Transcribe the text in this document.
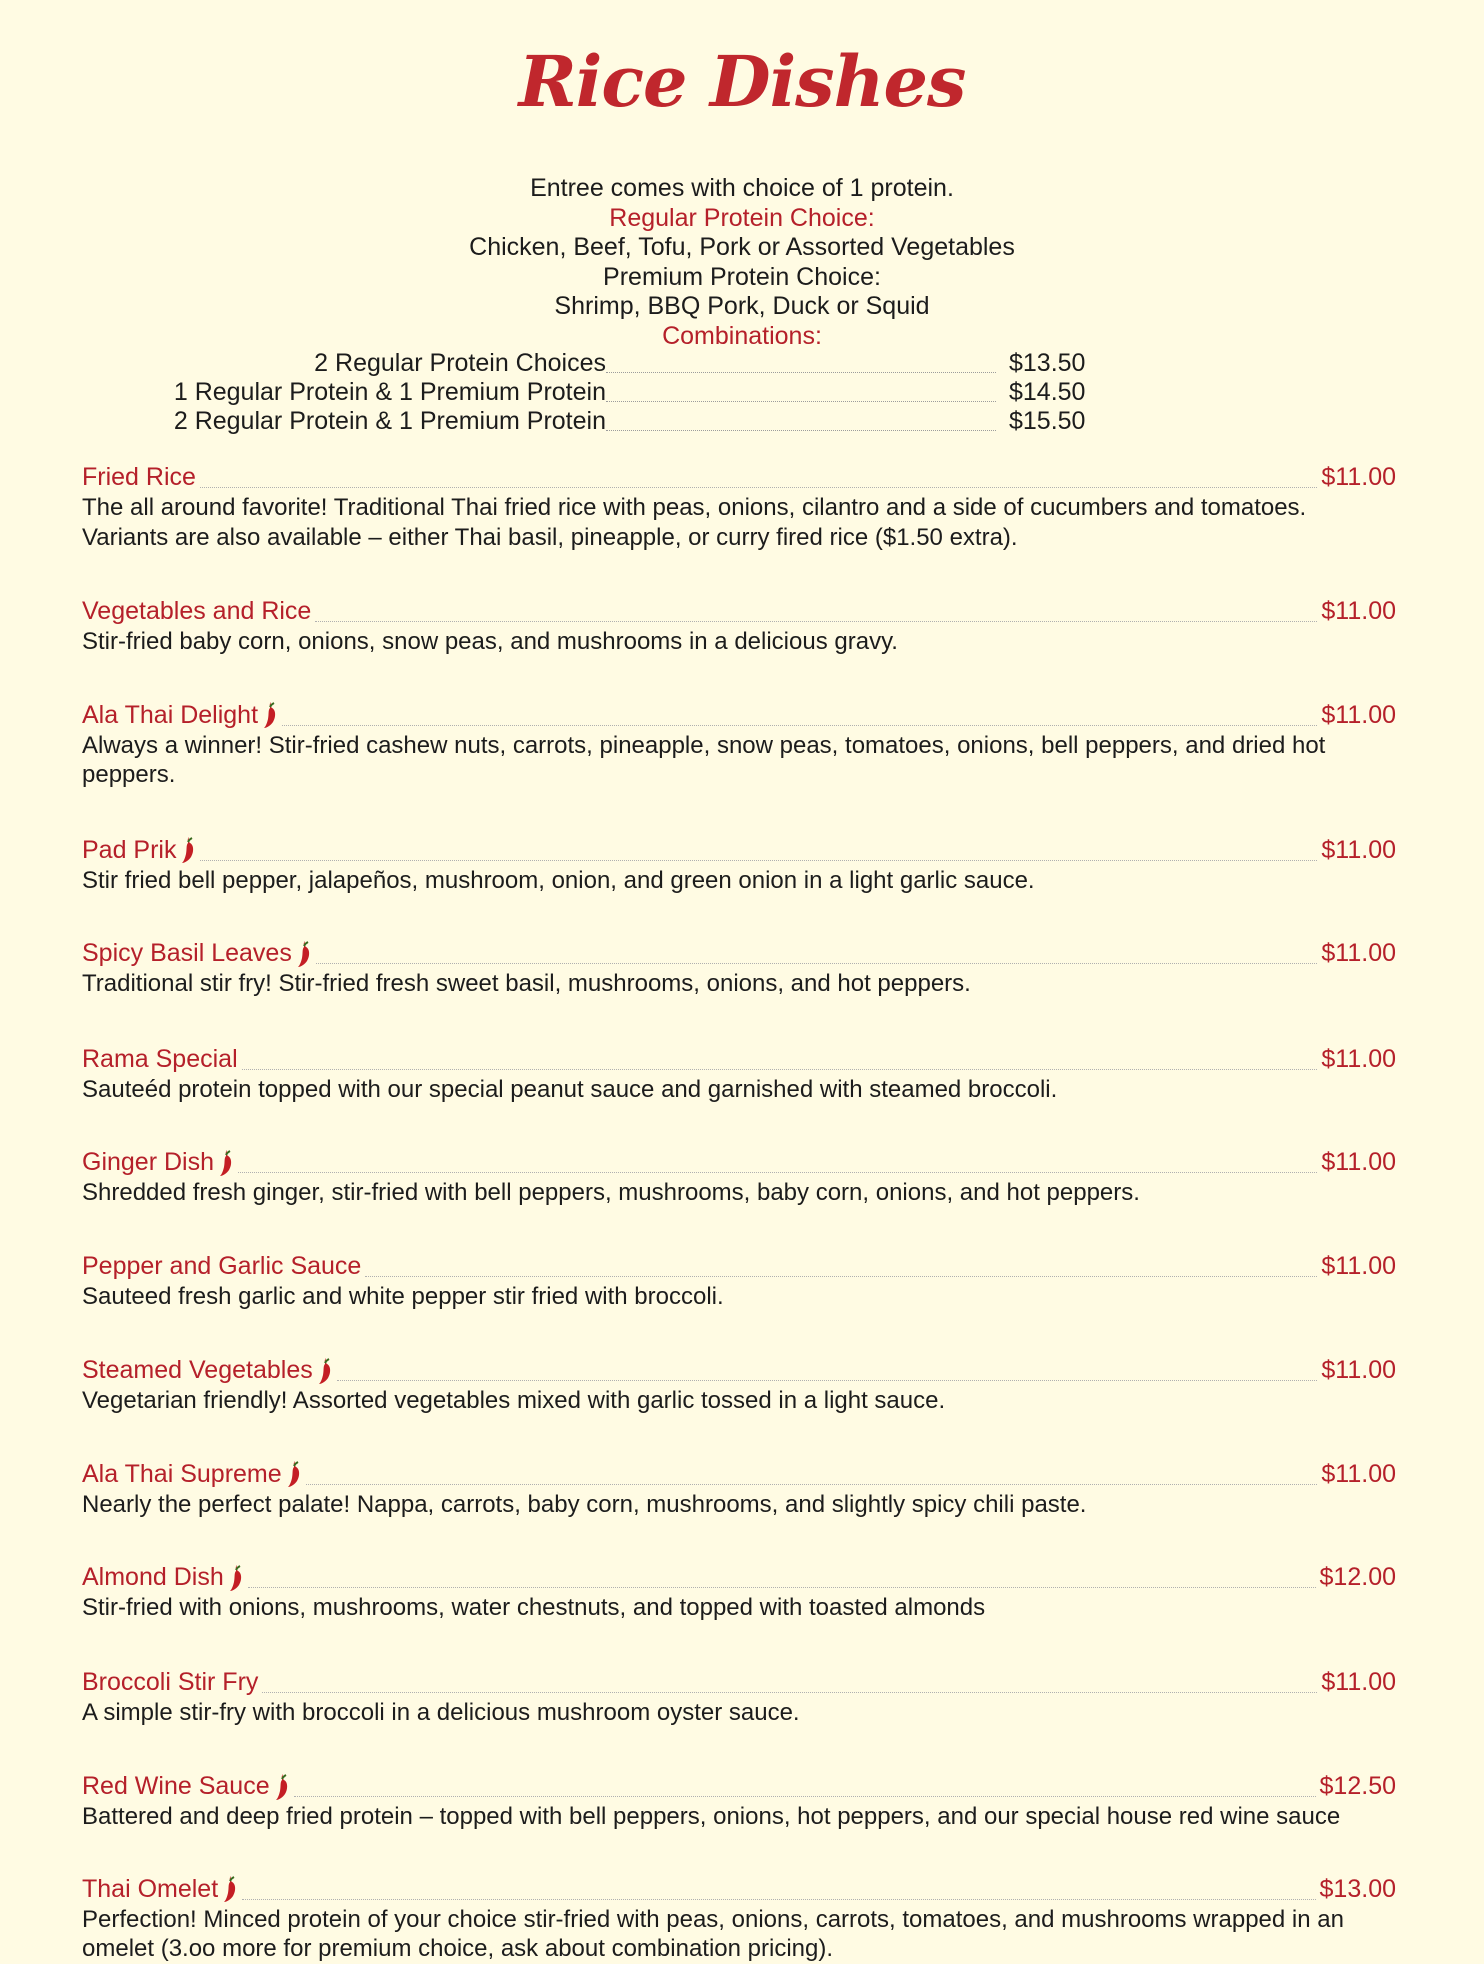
Rice Dishes
Entree comes with choice of 1 protein.
Regular Protein Choice:
Chicken, Beef, Tofu, Pork or Assorted Vegetables
Premium Protein Choice:
Shrimp, BBQ Pork, Duck or Squid
Combinations:
2 Regular Protein Choices	$13.50
1 Regular Protein & 1 Premium Protein	$14.50
2 Regular Protein & 1 Premium Protein	$15.50
Fried Rice	$11.00
The all around favorite! Traditional Thai fried rice with peas, onions, cilantro and a side of cucumbers and tomatoes. Variants are also available – either Thai basil, pineapple, or curry fired rice ($1.50 extra).
Vegetables and Rice	$11.00
Stir-fried baby corn, onions, snow peas, and mushrooms in a delicious gravy.
Ala Thai Delight	$11.00
Always a winner! Stir-fried cashew nuts, carrots, pineapple, snow peas, tomatoes, onions, bell peppers, and dried hot peppers.
Pad Prik	$11.00
Stir fried bell pepper, jalapeños, mushroom, onion, and green onion in a light garlic sauce.
Spicy Basil Leaves	$11.00
Traditional stir fry! Stir-fried fresh sweet basil, mushrooms, onions, and hot peppers.
Rama Special	$11.00
Sauteéd protein topped with our special peanut sauce and garnished with steamed broccoli.
Ginger Dish	$11.00
Shredded fresh ginger, stir-fried with bell peppers, mushrooms, baby corn, onions, and hot peppers.
Pepper and Garlic Sauce	$11.00
Sauteed fresh garlic and white pepper stir fried with broccoli.
Steamed Vegetables	$11.00
Vegetarian friendly! Assorted vegetables mixed with garlic tossed in a light sauce.
Ala Thai Supreme	$11.00
Nearly the perfect palate! Nappa, carrots, baby corn, mushrooms, and slightly spicy chili paste.
Almond Dish	$12.00
Stir-fried with onions, mushrooms, water chestnuts, and topped with toasted almonds
Broccoli Stir Fry	$11.00
A simple stir-fry with broccoli in a delicious mushroom oyster sauce.
Red Wine Sauce	$12.50
Battered and deep fried protein – topped with bell peppers, onions, hot peppers, and our special house red wine sauce
Thai Omelet	$13.00
Perfection! Minced protein of your choice stir-fried with peas, onions, carrots, tomatoes, and mushrooms wrapped in an omelet (3.oo more for premium choice, ask about combination pricing).
